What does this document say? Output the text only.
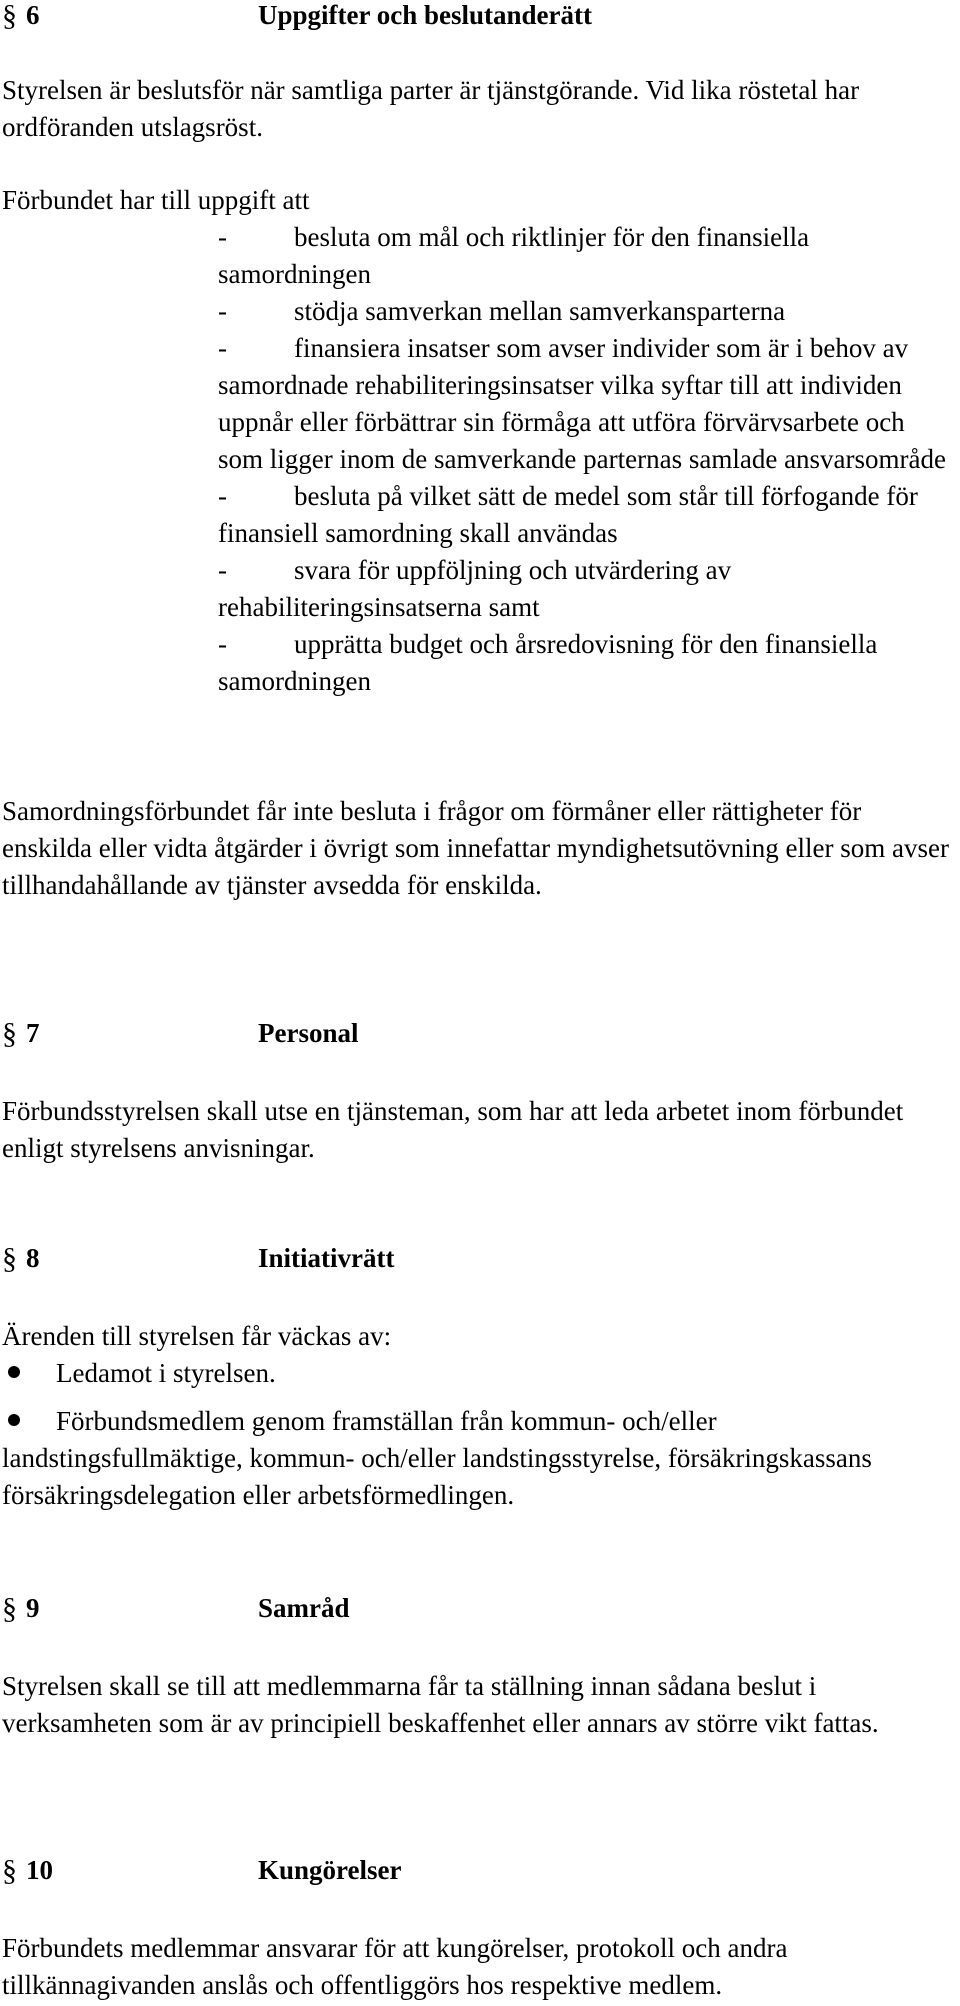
§ 6	Uppgifter och beslutanderätt

Styrelsen är beslutsför när samtliga parter är tjänstgörande. Vid lika röstetal har ordföranden utslagsröst.

Förbundet har till uppgift att

-	besluta om mål och riktlinjer för den finansiella samordningen
-	stödja samverkan mellan samverkansparterna
-	finansiera insatser som avser individer som är i behov av samordnade rehabiliteringsinsatser vilka syftar till att individen uppnår eller förbättrar sin förmåga att utföra förvärvsarbete och som ligger inom de samverkande parternas samlade ansvarsområde
-	besluta på vilket sätt de medel som står till förfogande för finansiell samordning skall användas
-	svara för uppföljning och utvärdering av rehabiliteringsinsatserna samt
-	upprätta budget och årsredovisning för den finansiella samordningen

Samordningsförbundet får inte besluta i frågor om förmåner eller rättigheter för enskilda eller vidta åtgärder i övrigt som innefattar myndighetsutövning eller som avser tillhandahållande av tjänster avsedda för enskilda.

§ 7	Personal

Förbundsstyrelsen skall utse en tjänsteman, som har att leda arbetet inom förbundet enligt styrelsens anvisningar.

§ 8	Initiativrätt

Ärenden till styrelsen får väckas av:

Ledamot i styrelsen.

Förbundsmedlem genom framställan från kommun- och/eller landstingsfullmäktige, kommun- och/eller landstingsstyrelse, försäkringskassans försäkringsdelegation eller arbetsförmedlingen.

§ 9	Samråd

Styrelsen skall se till att medlemmarna får ta ställning innan sådana beslut i verksamheten som är av principiell beskaffenhet eller annars av större vikt fattas.

§ 10	Kungörelser

Förbundets medlemmar ansvarar för att kungörelser, protokoll och andra tillkännagivanden anslås och offentliggörs hos respektive medlem.
